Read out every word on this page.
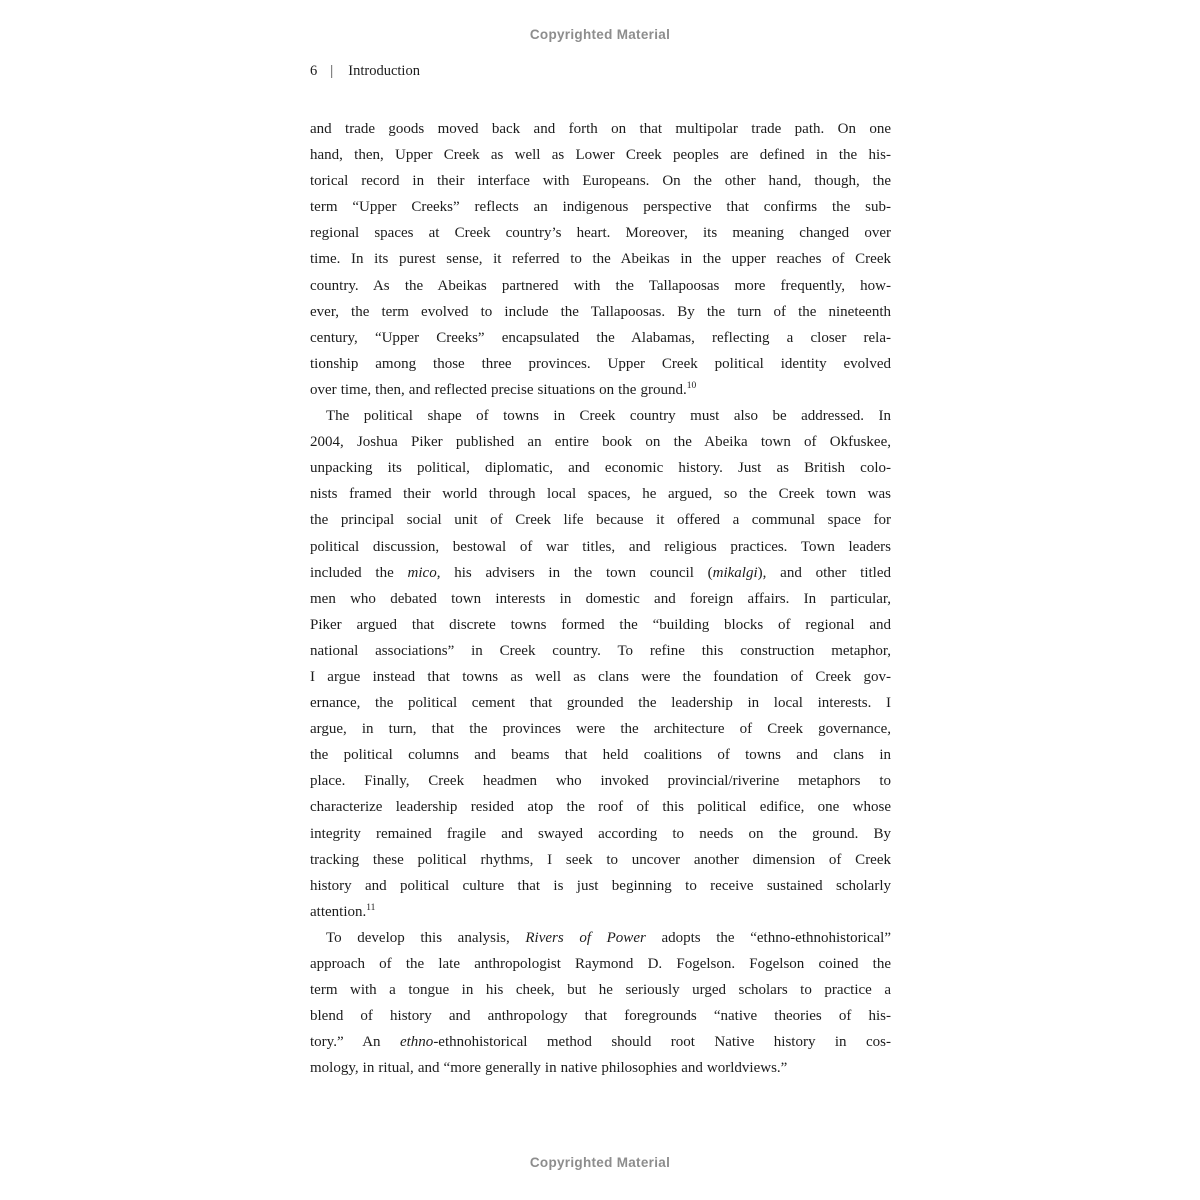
Copyrighted Material
6 | Introduction
and trade goods moved back and forth on that multipolar trade path. On one
hand, then, Upper Creek as well as Lower Creek peoples are defined in the his-
torical record in their interface with Europeans. On the other hand, though, the
term “Upper Creeks” reflects an indigenous perspective that confirms the sub-
regional spaces at Creek country’s heart. Moreover, its meaning changed over
time. In its purest sense, it referred to the Abeikas in the upper reaches of Creek
country. As the Abeikas partnered with the Tallapoosas more frequently, how-
ever, the term evolved to include the Tallapoosas. By the turn of the nineteenth
century, “Upper Creeks” encapsulated the Alabamas, reflecting a closer rela-
tionship among those three provinces. Upper Creek political identity evolved
over time, then, and reflected precise situations on the ground.$^{10}$
The political shape of towns in Creek country must also be addressed. In
2004, Joshua Piker published an entire book on the Abeika town of Okfuskee,
unpacking its political, diplomatic, and economic history. Just as British colo-
nists framed their world through local spaces, he argued, so the Creek town was
the principal social unit of Creek life because it offered a communal space for
political discussion, bestowal of war titles, and religious practices. Town leaders
included the mico, his advisers in the town council (mikalgi), and other titled
men who debated town interests in domestic and foreign affairs. In particular,
Piker argued that discrete towns formed the “building blocks of regional and
national associations” in Creek country. To refine this construction metaphor,
I argue instead that towns as well as clans were the foundation of Creek gov-
ernance, the political cement that grounded the leadership in local interests. I
argue, in turn, that the provinces were the architecture of Creek governance,
the political columns and beams that held coalitions of towns and clans in
place. Finally, Creek headmen who invoked provincial/riverine metaphors to
characterize leadership resided atop the roof of this political edifice, one whose
integrity remained fragile and swayed according to needs on the ground. By
tracking these political rhythms, I seek to uncover another dimension of Creek
history and political culture that is just beginning to receive sustained scholarly
attention.$^{11}$
To develop this analysis, Rivers of Power adopts the “ethno-ethnohistorical”
approach of the late anthropologist Raymond D. Fogelson. Fogelson coined the
term with a tongue in his cheek, but he seriously urged scholars to practice a
blend of history and anthropology that foregrounds “native theories of his-
tory.” An ethno-ethnohistorical method should root Native history in cos-
mology, in ritual, and “more generally in native philosophies and worldviews.”
Copyrighted Material
